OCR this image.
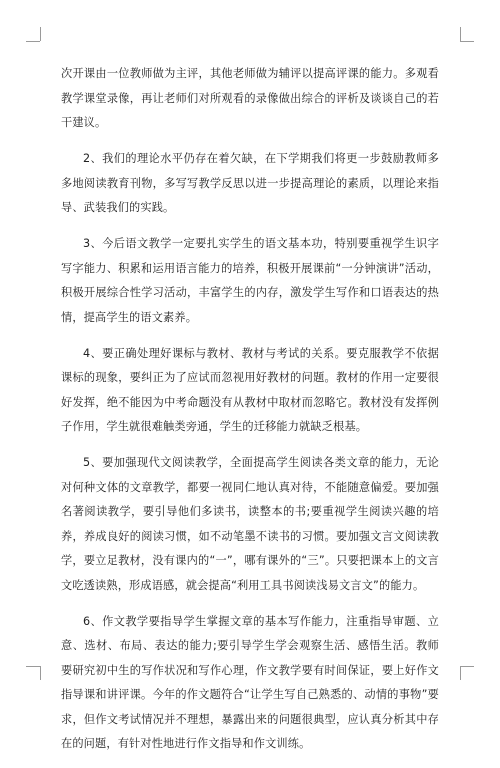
次开课由一位教师做为主评，其他老师做为辅评以提高评课的能力。多观看教学课堂录像，再让老师们对所观看的录像做出综合的评析及谈谈自己的若干建议。

2、我们的理论水平仍存在着欠缺，在下学期我们将更一步鼓励教师多多地阅读教育刊物，多写写教学反思以进一步提高理论的素质，以理论来指导、武装我们的实践。

3、今后语文教学一定要扎实学生的语文基本功，特别要重视学生识字写字能力、积累和运用语言能力的培养，积极开展课前“一分钟演讲”活动，积极开展综合性学习活动，丰富学生的内存，激发学生写作和口语表达的热情，提高学生的语文素养。

4、要正确处理好课标与教材、教材与考试的关系。要克服教学不依据课标的现象，要纠正为了应试而忽视用好教材的问题。教材的作用一定要很好发挥，绝不能因为中考命题没有从教材中取材而忽略它。教材没有发挥例子作用，学生就很难触类旁通，学生的迁移能力就缺乏根基。

5、要加强现代文阅读教学，全面提高学生阅读各类文章的能力，无论对何种文体的文章教学，都要一视同仁地认真对待，不能随意偏爱。要加强名著阅读教学，要引导他们多读书，读整本的书;要重视学生阅读兴趣的培养，养成良好的阅读习惯，如不动笔墨不读书的习惯。要加强文言文阅读教学，要立足教材，没有课内的“一”，哪有课外的“三”。只要把课本上的文言文吃透读熟，形成语感，就会提高“利用工具书阅读浅易文言文”的能力。

6、作文教学要指导学生掌握文章的基本写作能力，注重指导审题、立意、选材、布局、表达的能力;要引导学生学会观察生活、感悟生活。教师要研究初中生的写作状况和写作心理，作文教学要有时间保证，要上好作文指导课和讲评课。今年的作文题符合“让学生写自己熟悉的、动情的事物”要求，但作文考试情况并不理想，暴露出来的问题很典型，应认真分析其中存在的问题，有针对性地进行作文指导和作文训练。
